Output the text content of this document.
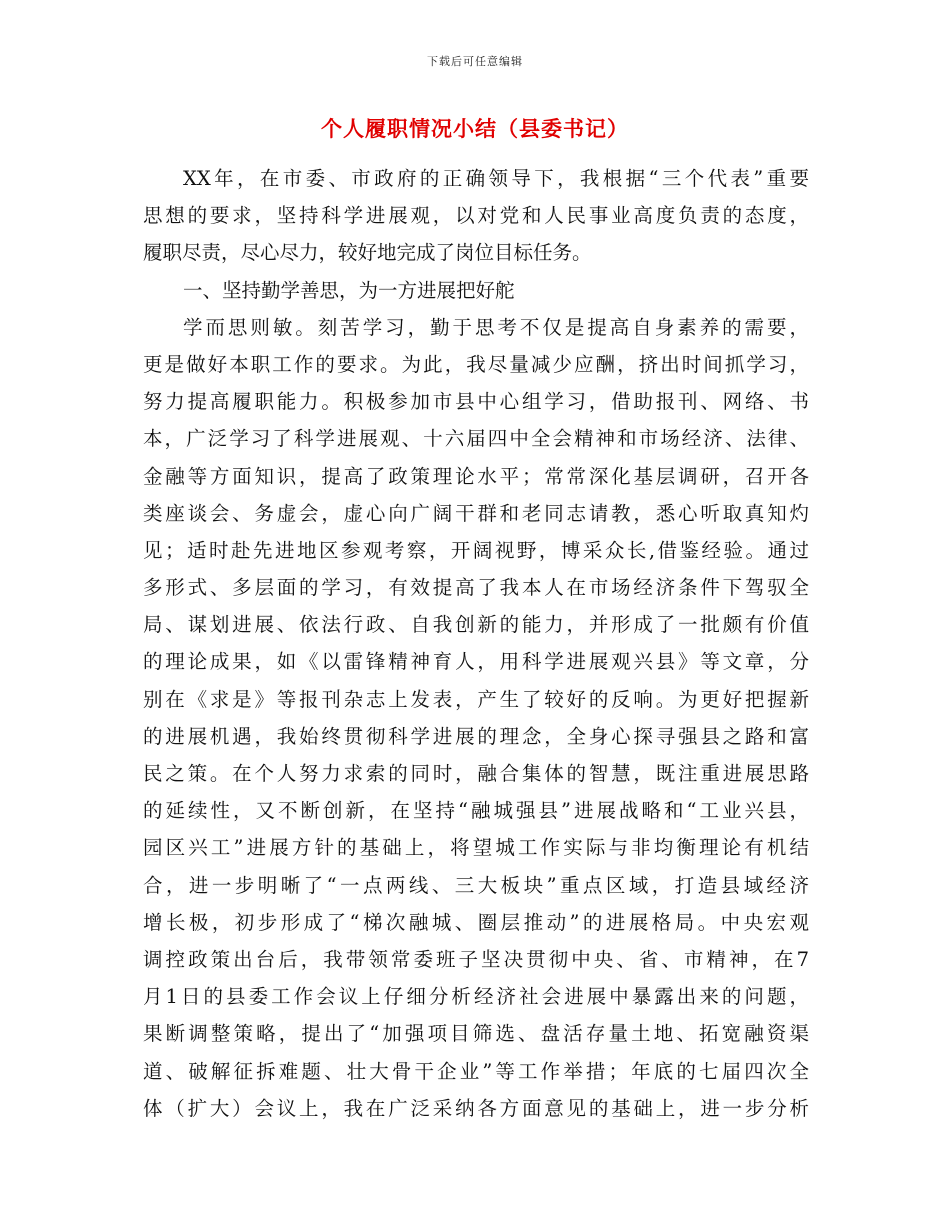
下载后可任意编辑
个人履职情况小结（县委书记）
XX年，在市委、市政府的正确领导下，我根据“三个代表”重要
思想的要求，坚持科学进展观，以对党和人民事业高度负责的态度，
履职尽责，尽心尽力，较好地完成了岗位目标任务。
一、坚持勤学善思，为一方进展把好舵
学而思则敏。刻苦学习，勤于思考不仅是提高自身素养的需要，
更是做好本职工作的要求。为此，我尽量减少应酬，挤出时间抓学习，
努力提高履职能力。积极参加市县中心组学习，借助报刊、网络、书
本，广泛学习了科学进展观、十六届四中全会精神和市场经济、法律、
金融等方面知识，提高了政策理论水平；常常深化基层调研，召开各
类座谈会、务虚会，虚心向广阔干群和老同志请教，悉心听取真知灼
见；适时赴先进地区参观考察，开阔视野，博采众长,借鉴经验。通过
多形式、多层面的学习，有效提高了我本人在市场经济条件下驾驭全
局、谋划进展、依法行政、自我创新的能力，并形成了一批颇有价值
的理论成果，如《以雷锋精神育人，用科学进展观兴县》等文章，分
别在《求是》等报刊杂志上发表，产生了较好的反响。为更好把握新
的进展机遇，我始终贯彻科学进展的理念，全身心探寻强县之路和富
民之策。在个人努力求索的同时，融合集体的智慧，既注重进展思路
的延续性，又不断创新，在坚持“融城强县”进展战略和“工业兴县，
园区兴工”进展方针的基础上，将望城工作实际与非均衡理论有机结
合，进一步明晰了“一点两线、三大板块”重点区域，打造县域经济
增长极，初步形成了“梯次融城、圈层推动”的进展格局。中央宏观
调控政策出台后，我带领常委班子坚决贯彻中央、省、市精神，在7
月1日的县委工作会议上仔细分析经济社会进展中暴露出来的问题，
果断调整策略，提出了“加强项目筛选、盘活存量土地、拓宽融资渠
道、破解征拆难题、壮大骨干企业”等工作举措；年底的七届四次全
体（扩大）会议上，我在广泛采纳各方面意见的基础上，进一步分析
